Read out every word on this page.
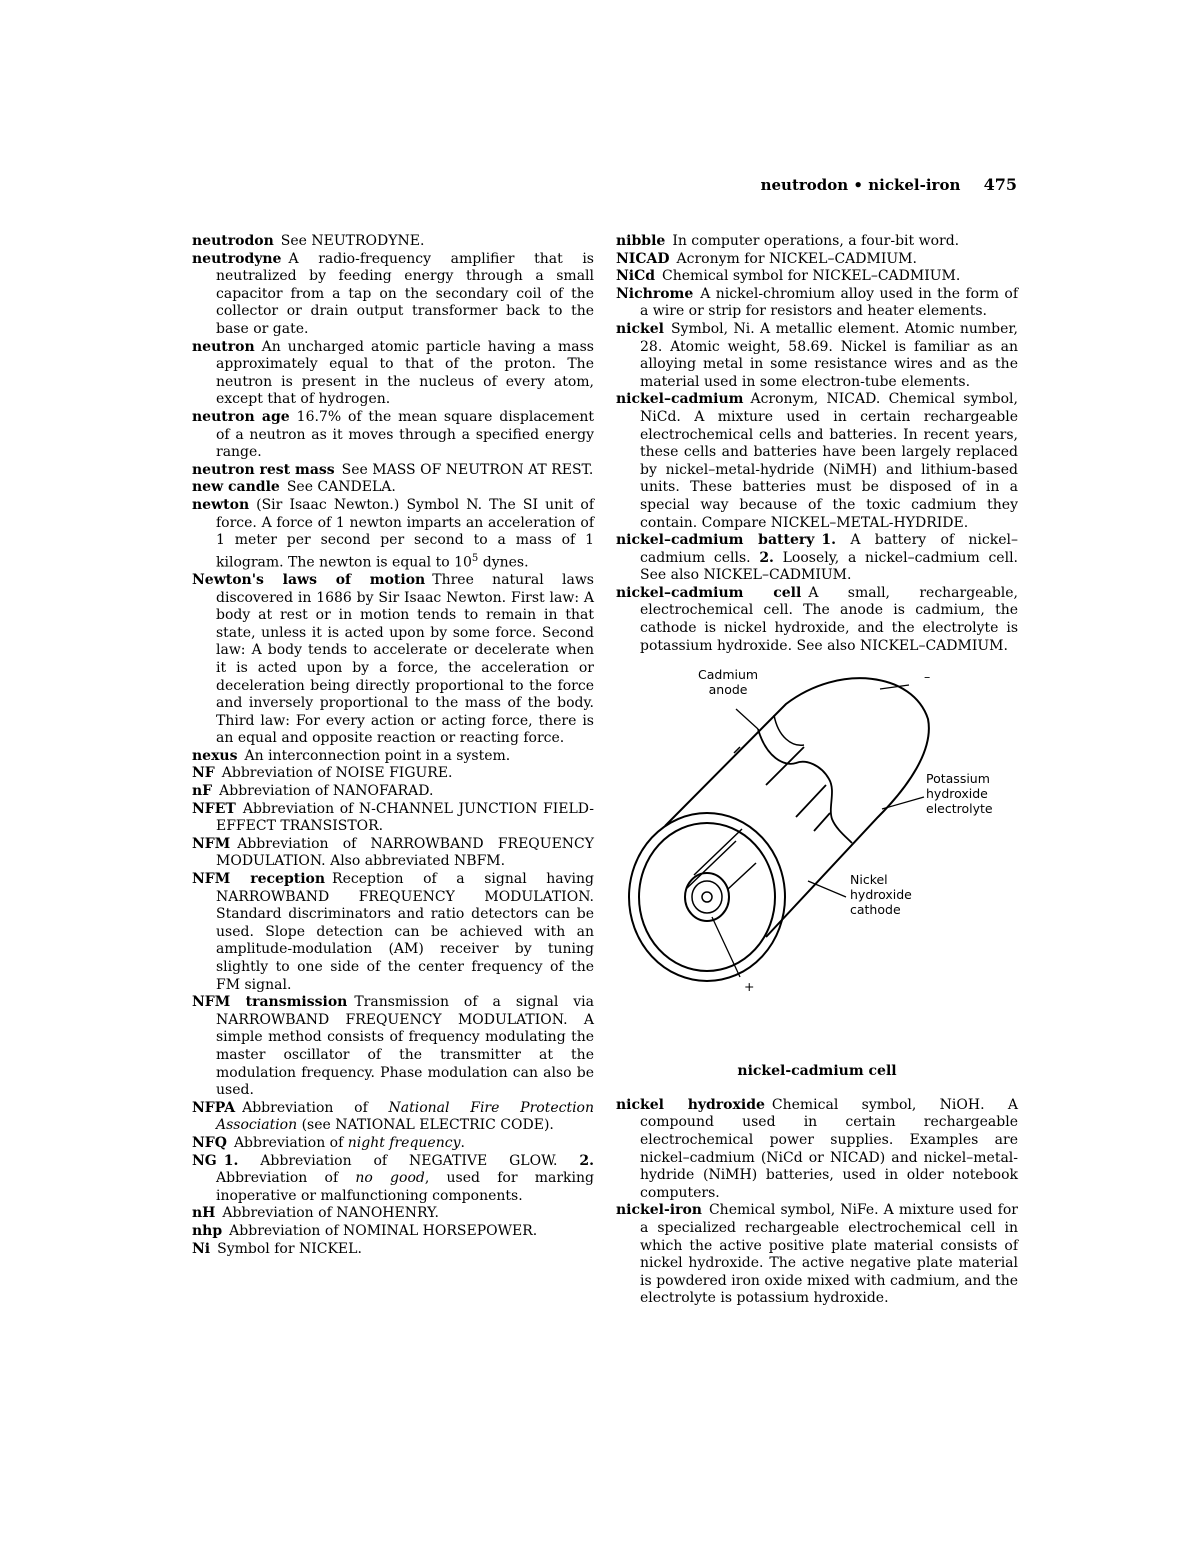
neutrodon • nickel-iron 475

neutrodon See NEUTRODYNE.

neutrodyne A radio-frequency amplifier that is neutralized by feeding energy through a small capacitor from a tap on the secondary coil of the collector or drain output transformer back to the base or gate.

neutron An uncharged atomic particle having a mass approximately equal to that of the proton. The neutron is present in the nucleus of every atom, except that of hydrogen.

neutron age 16.7% of the mean square displacement of a neutron as it moves through a specified energy range.

neutron rest mass See MASS OF NEUTRON AT REST.

new candle See CANDELA.

newton (Sir Isaac Newton.) Symbol N. The SI unit of force. A force of 1 newton imparts an acceleration of 1 meter per second per second to a mass of 1 kilogram. The newton is equal to $10^5$ dynes.

Newton's laws of motion Three natural laws discovered in 1686 by Sir Isaac Newton. First law: A body at rest or in motion tends to remain in that state, unless it is acted upon by some force. Second law: A body tends to accelerate or decelerate when it is acted upon by a force, the acceleration or deceleration being directly proportional to the force and inversely proportional to the mass of the body. Third law: For every action or acting force, there is an equal and opposite reaction or reacting force.

nexus An interconnection point in a system.

NF Abbreviation of NOISE FIGURE.

nF Abbreviation of NANOFARAD.

NFET Abbreviation of N-CHANNEL JUNCTION FIELD-EFFECT TRANSISTOR.

NFM Abbreviation of NARROWBAND FREQUENCY MODULATION. Also abbreviated NBFM.

NFM reception Reception of a signal having NARROWBAND FREQUENCY MODULATION. Standard discriminators and ratio detectors can be used. Slope detection can be achieved with an amplitude-modulation (AM) receiver by tuning slightly to one side of the center frequency of the FM signal.

NFM transmission Transmission of a signal via NARROWBAND FREQUENCY MODULATION. A simple method consists of frequency modulating the master oscillator of the transmitter at the modulation frequency. Phase modulation can also be used.

NFPA Abbreviation of National Fire Protection Association (see NATIONAL ELECTRIC CODE).

NFQ Abbreviation of night frequency.

NG 1. Abbreviation of NEGATIVE GLOW. 2. Abbreviation of no good, used for marking inoperative or malfunctioning components.

nH Abbreviation of NANOHENRY.

nhp Abbreviation of NOMINAL HORSEPOWER.

Ni Symbol for NICKEL.

nibble In computer operations, a four-bit word.

NICAD Acronym for NICKEL–CADMIUM.

NiCd Chemical symbol for NICKEL–CADMIUM.

Nichrome A nickel-chromium alloy used in the form of a wire or strip for resistors and heater elements.

nickel Symbol, Ni. A metallic element. Atomic number, 28. Atomic weight, 58.69. Nickel is familiar as an alloying metal in some resistance wires and as the material used in some electron-tube elements.

nickel–cadmium Acronym, NICAD. Chemical symbol, NiCd. A mixture used in certain rechargeable electrochemical cells and batteries. In recent years, these cells and batteries have been largely replaced by nickel–metal-hydride (NiMH) and lithium-based units. These batteries must be disposed of in a special way because of the toxic cadmium they contain. Compare NICKEL–METAL-HYDRIDE.

nickel–cadmium battery 1. A battery of nickel–cadmium cells. 2. Loosely, a nickel–cadmium cell. See also NICKEL–CADMIUM.

nickel–cadmium cell A small, rechargeable, electrochemical cell. The anode is cadmium, the cathode is nickel hydroxide, and the electrolyte is potassium hydroxide. See also NICKEL–CADMIUM.

Cadmium
anode
–
Potassium
hydroxide
electrolyte
Nickel
hydroxide
cathode
+
nickel-cadmium cell

nickel hydroxide Chemical symbol, NiOH. A compound used in certain rechargeable electrochemical power supplies. Examples are nickel–cadmium (NiCd or NICAD) and nickel–metal-hydride (NiMH) batteries, used in older notebook computers.

nickel-iron Chemical symbol, NiFe. A mixture used for a specialized rechargeable electrochemical cell in which the active positive plate material consists of nickel hydroxide. The active negative plate material is powdered iron oxide mixed with cadmium, and the electrolyte is potassium hydroxide.
